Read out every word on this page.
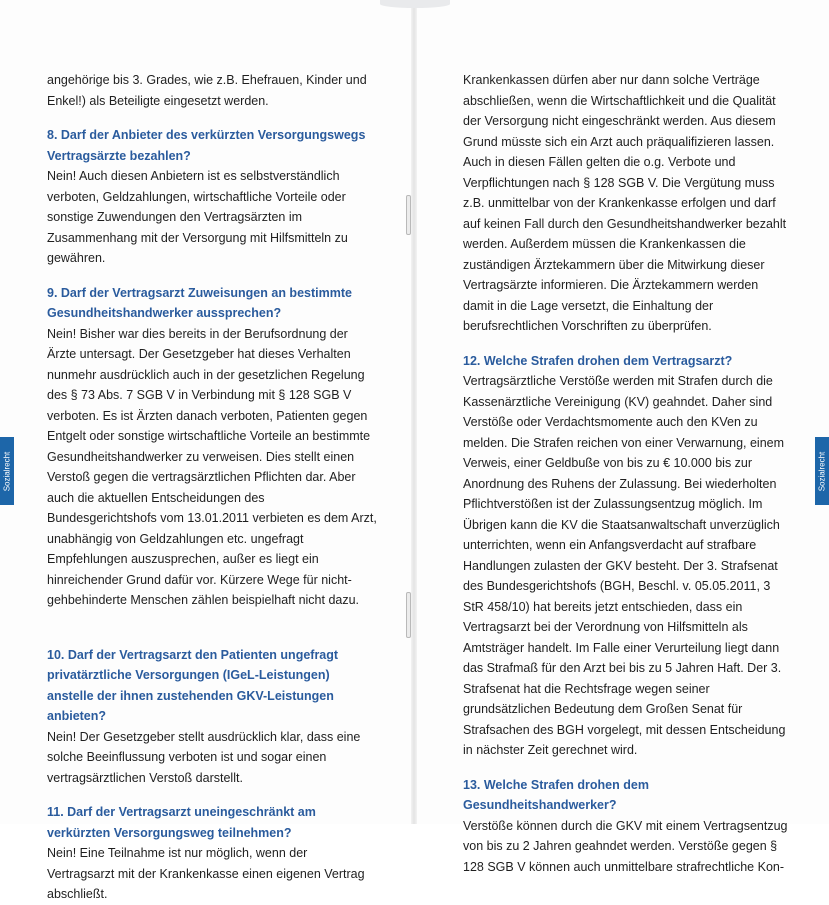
angehörige bis 3. Grades, wie z.B. Ehefrauen, Kinder und Enkel!) als Beteiligte eingesetzt werden.

8. Darf der Anbieter des verkürzten Versorgungswegs Vertragsärzte bezahlen?

Nein! Auch diesen Anbietern ist es selbstverständlich verboten, Geldzahlungen, wirtschaftliche Vorteile oder sonstige Zuwendungen den Vertragsärzten im Zusammenhang mit der Versorgung mit Hilfsmitteln zu gewähren.

9. Darf der Vertragsarzt Zuweisungen an bestimmte Gesundheitshandwerker aussprechen?

Nein! Bisher war dies bereits in der Berufsordnung der Ärzte untersagt. Der Gesetzgeber hat dieses Verhalten nunmehr ausdrücklich auch in der gesetzlichen Regelung des § 73 Abs. 7 SGB V in Verbindung mit § 128 SGB V verboten. Es ist Ärzten danach verboten, Patienten gegen Entgelt oder sonstige wirtschaftliche Vorteile an bestimmte Gesundheitshandwerker zu verweisen. Dies stellt einen Verstoß gegen die vertragsärztlichen Pflichten dar. Aber auch die aktuellen Entscheidungen des Bundesgerichtshofs vom 13.01.2011 verbieten es dem Arzt, unabhängig von Geldzahlungen etc. ungefragt Empfehlungen auszusprechen, außer es liegt ein hinreichender Grund dafür vor. Kürzere Wege für nicht-gehbehinderte Menschen zählen beispielhaft nicht dazu.

10. Darf der Vertragsarzt den Patienten ungefragt privatärztliche Versorgungen (IGeL-Leistungen) anstelle der ihnen zustehenden GKV-Leistungen anbieten?

Nein! Der Gesetzgeber stellt ausdrücklich klar, dass eine solche Beeinflussung verboten ist und sogar einen vertragsärztlichen Verstoß darstellt.

11. Darf der Vertragsarzt uneingeschränkt am verkürzten Versorgungsweg teilnehmen?

Nein! Eine Teilnahme ist nur möglich, wenn der Vertragsarzt mit der Krankenkasse einen eigenen Vertrag abschließt.

Krankenkassen dürfen aber nur dann solche Verträge abschließen, wenn die Wirtschaftlichkeit und die Qualität der Versorgung nicht eingeschränkt werden. Aus diesem Grund müsste sich ein Arzt auch präqualifizieren lassen. Auch in diesen Fällen gelten die o.g. Verbote und Verpflichtungen nach § 128 SGB V. Die Vergütung muss z.B. unmittelbar von der Krankenkasse erfolgen und darf auf keinen Fall durch den Gesundheitshandwerker bezahlt werden. Außerdem müssen die Krankenkassen die zuständigen Ärztekammern über die Mitwirkung dieser Vertragsärzte informieren. Die Ärztekammern werden damit in die Lage versetzt, die Einhaltung der berufsrechtlichen Vorschriften zu überprüfen.

12. Welche Strafen drohen dem Vertragsarzt?

Vertragsärztliche Verstöße werden mit Strafen durch die Kassenärztliche Vereinigung (KV) geahndet. Daher sind Verstöße oder Verdachtsmomente auch den KVen zu melden. Die Strafen reichen von einer Verwarnung, einem Verweis, einer Geldbuße von bis zu € 10.000 bis zur Anordnung des Ruhens der Zulassung. Bei wiederholten Pflichtverstößen ist der Zulassungsentzug möglich. Im Übrigen kann die KV die Staatsanwaltschaft unverzüglich unterrichten, wenn ein Anfangsverdacht auf strafbare Handlungen zulasten der GKV besteht. Der 3. Strafsenat des Bundesgerichtshofs (BGH, Beschl. v. 05.05.2011, 3 StR 458/10) hat bereits jetzt entschieden, dass ein Vertragsarzt bei der Verordnung von Hilfsmitteln als Amtsträger handelt. Im Falle einer Verurteilung liegt dann das Strafmaß für den Arzt bei bis zu 5 Jahren Haft. Der 3. Strafsenat hat die Rechtsfrage wegen seiner grundsätzlichen Bedeutung dem Großen Senat für Strafsachen des BGH vorgelegt, mit dessen Entscheidung in nächster Zeit gerechnet wird.

13. Welche Strafen drohen dem Gesundheitshandwerker?

Verstöße können durch die GKV mit einem Vertragsentzug von bis zu 2 Jahren geahndet werden. Verstöße gegen § 128 SGB V können auch unmittelbare strafrechtliche Kon-

Sozialrecht	Sozialrecht
